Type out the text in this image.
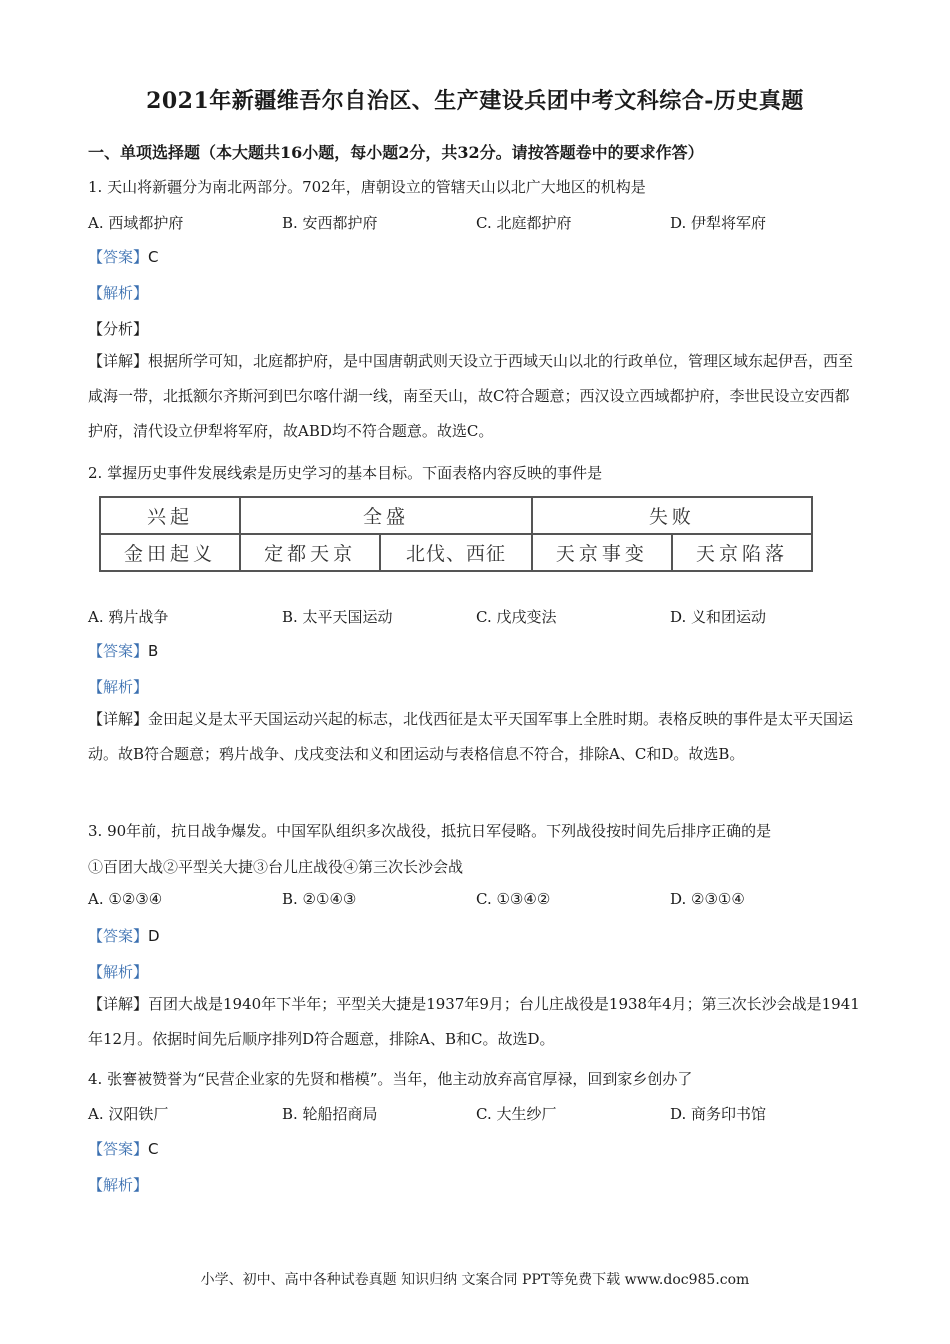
2021年新疆维吾尔自治区、生产建设兵团中考文科综合-历史真题
一、单项选择题（本大题共16小题，每小题2分，共32分。请按答题卷中的要求作答）
1. 天山将新疆分为南北两部分。702年，唐朝设立的管辖天山以北广大地区的机构是
A. 西域都护府	B. 安西都护府	C. 北庭都护府	D. 伊犁将军府
【答案】C
【解析】
【分析】
【详解】根据所学可知，北庭都护府，是中国唐朝武则天设立于西域天山以北的行政单位，管理区域东起伊吾，西至咸海一带，北抵额尔齐斯河到巴尔喀什湖一线，南至天山，故C符合题意；西汉设立西域都护府，李世民设立安西都护府，清代设立伊犁将军府，故ABD均不符合题意。故选C。
2. 掌握历史事件发展线索是历史学习的基本目标。下面表格内容反映的事件是
兴起	全盛		失败	
金田起义	定都天京	北伐、西征	天京事变	天京陷落
A. 鸦片战争	B. 太平天国运动	C. 戊戌变法	D. 义和团运动
【答案】B
【解析】
【详解】金田起义是太平天国运动兴起的标志，北伐西征是太平天国军事上全胜时期。表格反映的事件是太平天国运动。故B符合题意；鸦片战争、戊戌变法和义和团运动与表格信息不符合，排除A、C和D。故选B。
3. 90年前，抗日战争爆发。中国军队组织多次战役，抵抗日军侵略。下列战役按时间先后排序正确的是
①百团大战②平型关大捷③台儿庄战役④第三次长沙会战
A. ①②③④	B. ②①④③	C. ①③④②	D. ②③①④
【答案】D
【解析】
【详解】百团大战是1940年下半年；平型关大捷是1937年9月；台儿庄战役是1938年4月；第三次长沙会战是1941年12月。依据时间先后顺序排列D符合题意，排除A、B和C。故选D。
4. 张謇被赞誉为“民营企业家的先贤和楷模”。当年，他主动放弃高官厚禄，回到家乡创办了
A. 汉阳铁厂	B. 轮船招商局	C. 大生纱厂	D. 商务印书馆
【答案】C
【解析】
小学、初中、高中各种试卷真题 知识归纳 文案合同 PPT等免费下载 www.doc985.com
